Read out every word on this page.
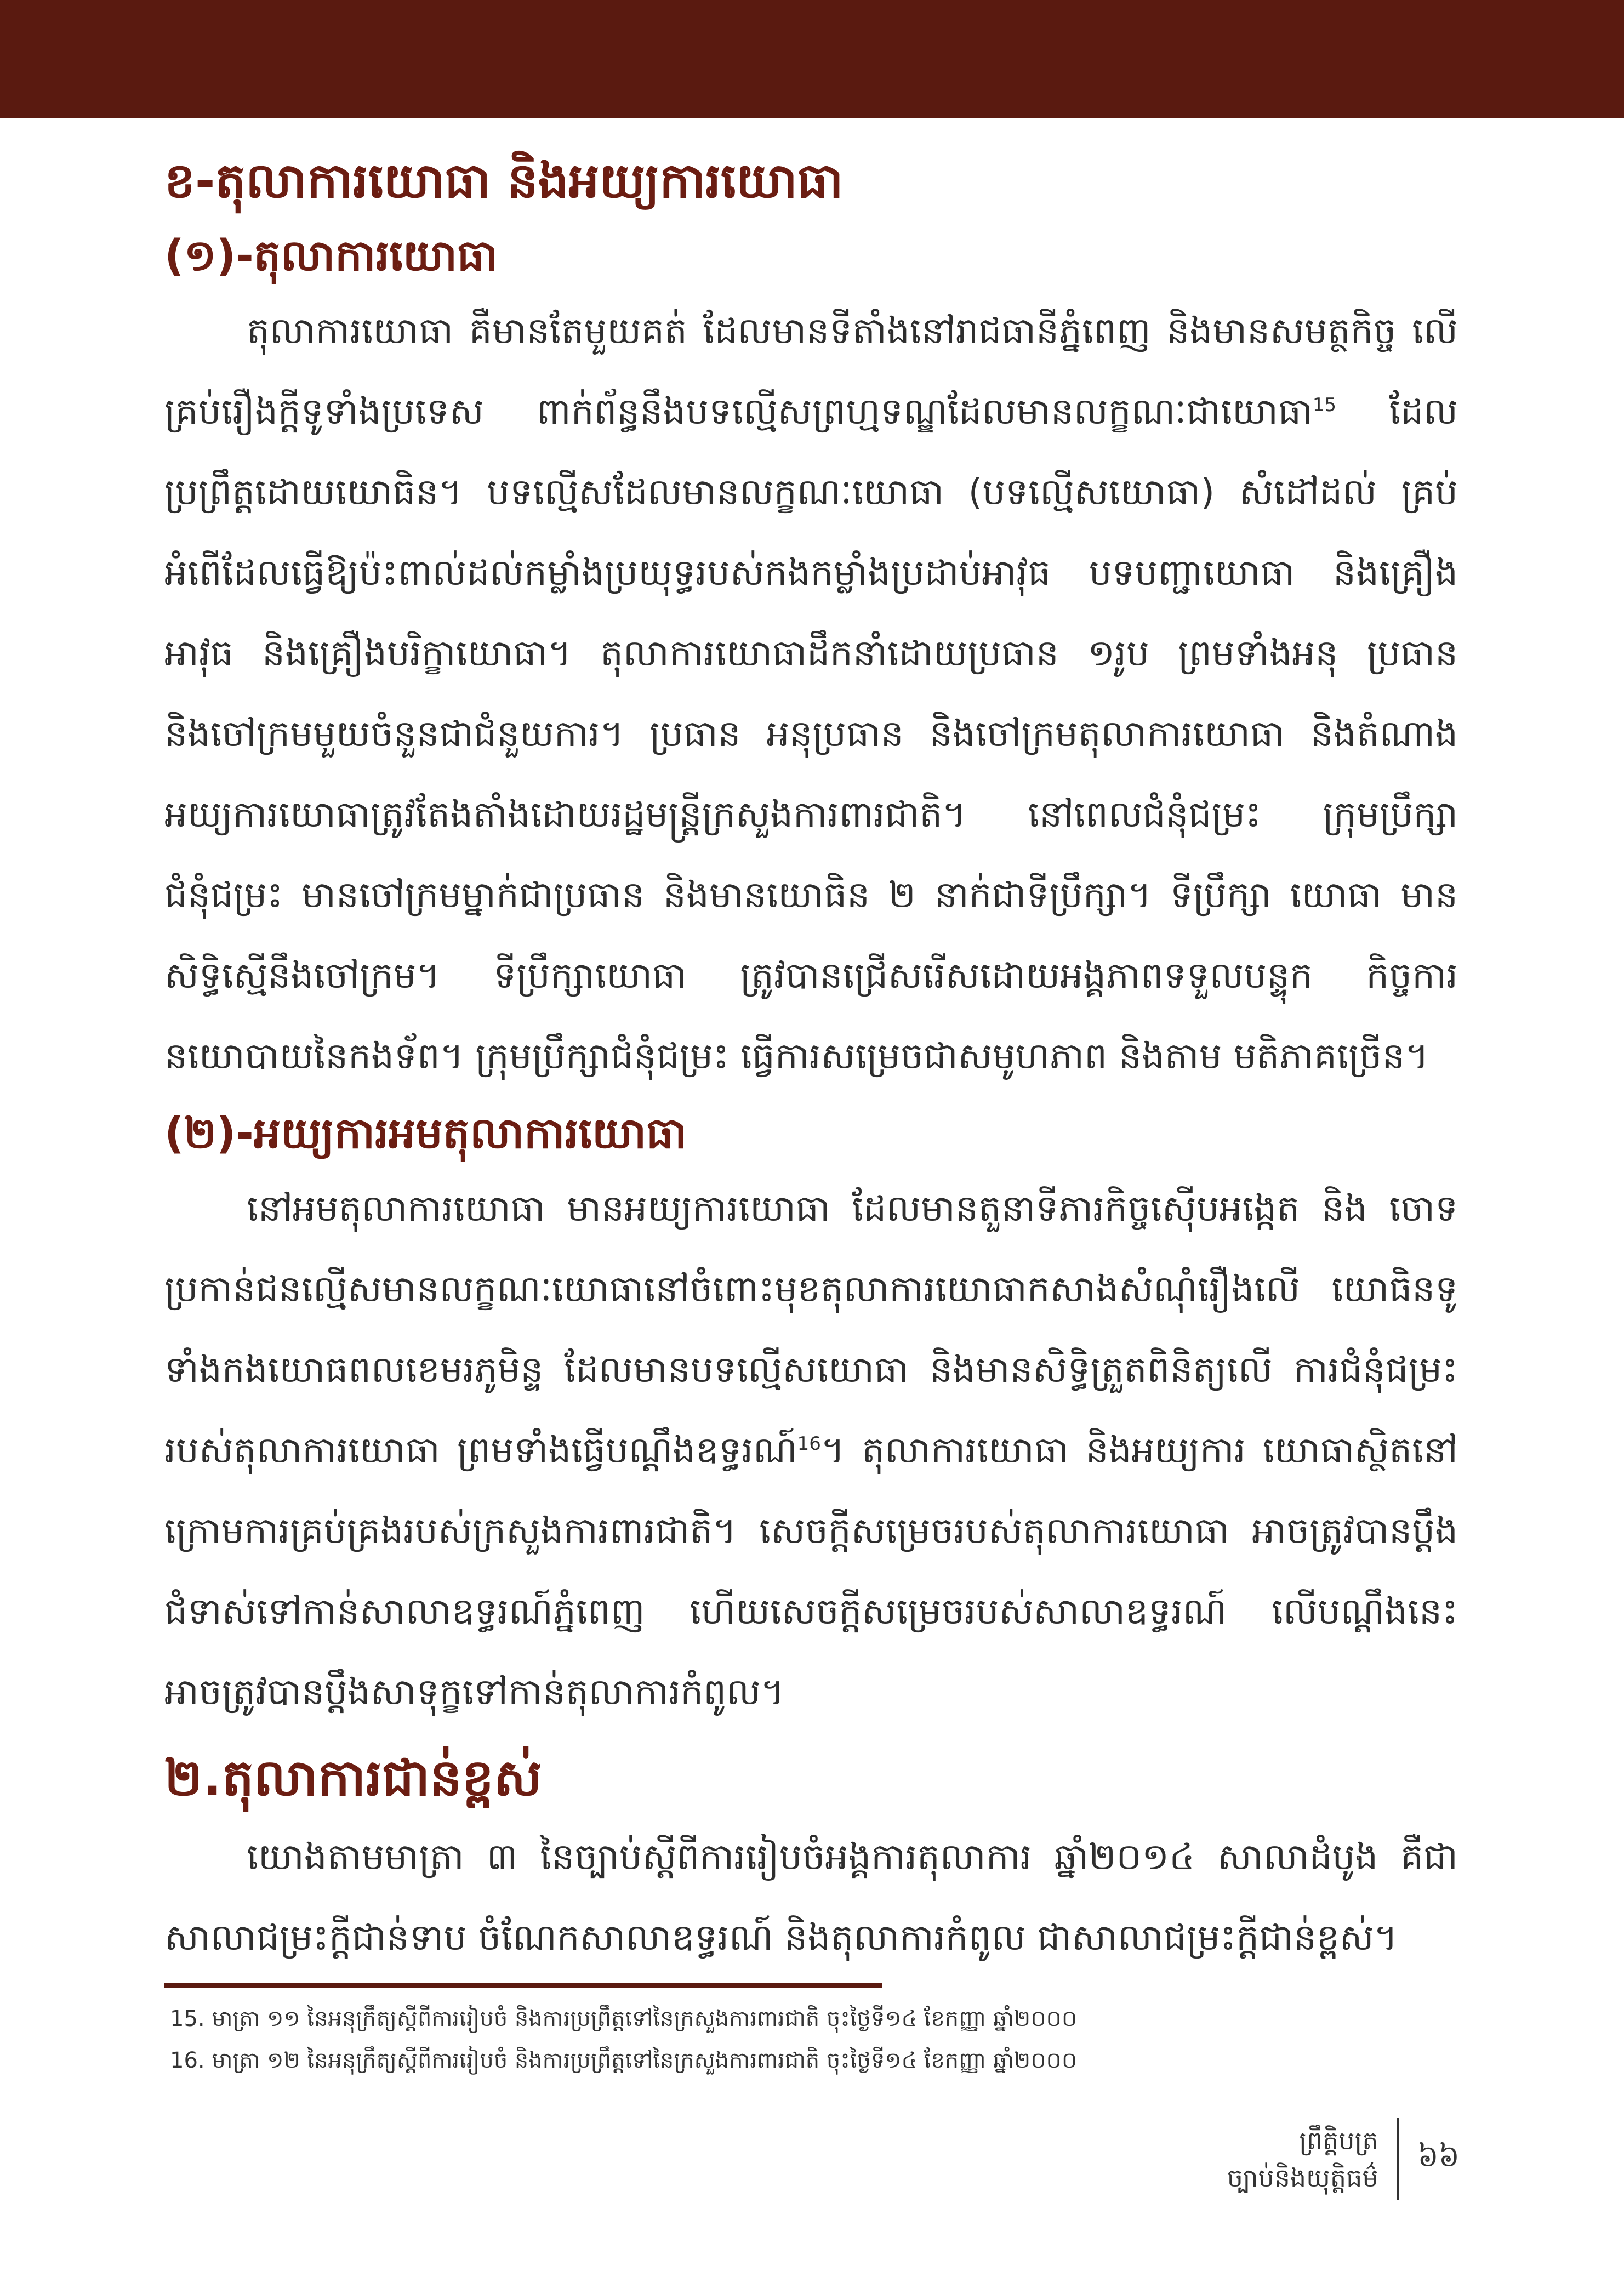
ខ-តុលាការយោធា និងអយ្យការយោធា
(១)-តុលាការយោធា

តុលាការយោធា គឺមានតែមួយគត់ ដែលមានទីតាំងនៅរាជធានីភ្នំពេញ និងមានសមត្ថកិច្ច លើគ្រប់រឿងក្តីទូទាំងប្រទេស ពាក់ព័ន្ធនឹងបទល្មើសព្រហ្មទណ្ឌដែលមានលក្ខណៈជាយោធា$^{15}$ ដែលប្រព្រឹត្តដោយយោធិន។ បទល្មើសដែលមានលក្ខណៈយោធា (បទល្មើសយោធា) សំដៅដល់ គ្រប់អំពើដែលធ្វើឱ្យប៉ះពាល់ដល់កម្លាំងប្រយុទ្ធរបស់កងកម្លាំងប្រដាប់អាវុធ បទបញ្ជាយោធា និងគ្រឿងអាវុធ និងគ្រឿងបរិក្ខាយោធា។ តុលាការយោធាដឹកនាំដោយប្រធាន ១រូប ព្រមទាំងអនុ ប្រធាន និងចៅក្រមមួយចំនួនជាជំនួយការ។ ប្រធាន អនុប្រធាន និងចៅក្រមតុលាការយោធា និងតំណាងអយ្យការយោធាត្រូវតែងតាំងដោយរដ្ឋមន្ត្រីក្រសួងការពារជាតិ។ នៅពេលជំនុំជម្រះ ក្រុមប្រឹក្សាជំនុំជម្រះ មានចៅក្រមម្នាក់ជាប្រធាន និងមានយោធិន ២ នាក់ជាទីប្រឹក្សា។ ទីប្រឹក្សា យោធា មានសិទ្ធិស្មើនឹងចៅក្រម។ ទីប្រឹក្សាយោធា ត្រូវបានជ្រើសរើសដោយអង្គភាពទទួលបន្ទុក កិច្ចការនយោបាយនៃកងទ័ព។ ក្រុមប្រឹក្សាជំនុំជម្រះ ធ្វើការសម្រេចជាសមូហភាព និងតាម មតិភាគច្រើន។

(២)-អយ្យការអមតុលាការយោធា

នៅអមតុលាការយោធា មានអយ្យការយោធា ដែលមានតួនាទីភារកិច្ចស៊ើបអង្កេត និង ចោទប្រកាន់ជនល្មើសមានលក្ខណៈយោធានៅចំពោះមុខតុលាការយោធាកសាងសំណុំរឿងលើ យោធិនទូទាំងកងយោធពលខេមរភូមិន្ទ ដែលមានបទល្មើសយោធា និងមានសិទ្ធិត្រួតពិនិត្យលើ ការជំនុំជម្រះរបស់តុលាការយោធា ព្រមទាំងធ្វើបណ្តឹងឧទ្ធរណ៍$^{16}$។ តុលាការយោធា និងអយ្យការ យោធាស្ថិតនៅក្រោមការគ្រប់គ្រងរបស់ក្រសួងការពារជាតិ។ សេចក្តីសម្រេចរបស់តុលាការយោធា អាចត្រូវបានប្តឹងជំទាស់ទៅកាន់សាលាឧទ្ធរណ៍ភ្នំពេញ ហើយសេចក្តីសម្រេចរបស់សាលាឧទ្ធរណ៍ លើបណ្តឹងនេះ អាចត្រូវបានប្តឹងសាទុក្ខទៅកាន់តុលាការកំពូល។

២.តុលាការជាន់ខ្ពស់

យោងតាមមាត្រា ៣ នៃច្បាប់ស្តីពីការរៀបចំអង្គការតុលាការ ឆ្នាំ២០១៤ សាលាដំបូង គឺជា សាលាជម្រះក្តីជាន់ទាប ចំណែកសាលាឧទ្ធរណ៍ និងតុលាការកំពូល ជាសាលាជម្រះក្តីជាន់ខ្ពស់។

15. មាត្រា ១១ នៃអនុក្រឹត្យស្តីពីការរៀបចំ និងការប្រព្រឹត្តទៅនៃក្រសួងការពារជាតិ ចុះថ្ងៃទី១៤ ខែកញ្ញា ឆ្នាំ២០០០
16. មាត្រា ១២ នៃអនុក្រឹត្យស្តីពីការរៀបចំ និងការប្រព្រឹត្តទៅនៃក្រសួងការពារជាតិ ចុះថ្ងៃទី១៤ ខែកញ្ញា ឆ្នាំ២០០០
ព្រឹត្តិបត្រ
ច្បាប់និងយុត្តិធម៌
៦៦
